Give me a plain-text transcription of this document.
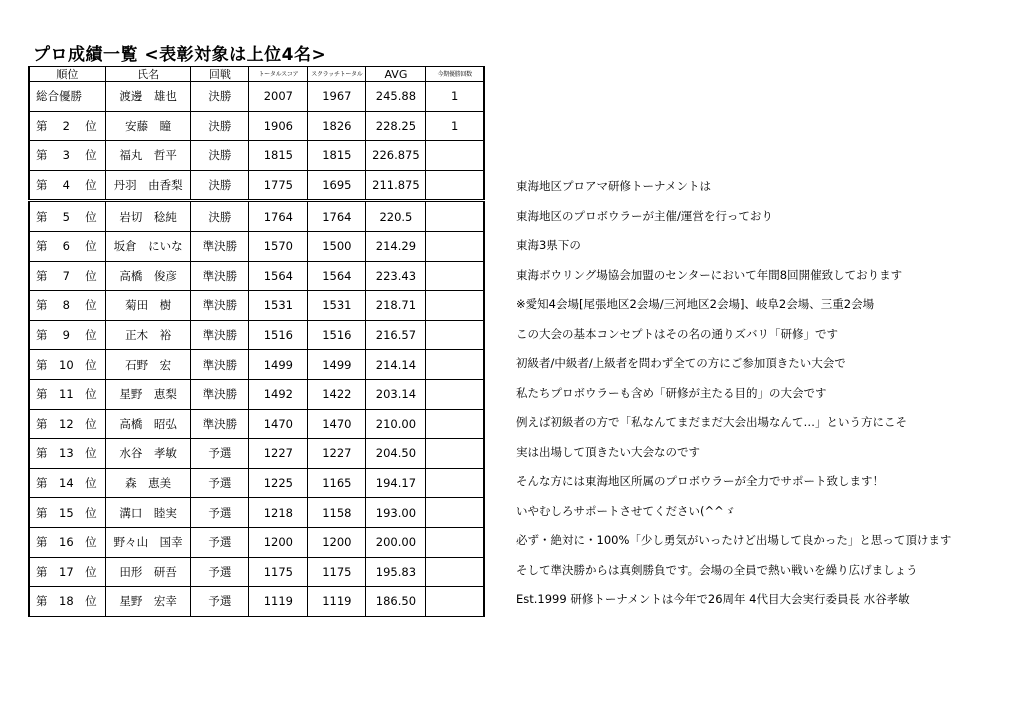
プロ成績一覧 <表彰対象は上位4名>
順位	氏名	回戦	トータルスコア	スクラッチトータル	AVG	今期優勝回数
総合優勝	渡邊　雄也	決勝	2007	1967	245.88	1
第　 2 　位	安藤　瞳	決勝	1906	1826	228.25	1
第　 3 　位	福丸　哲平	決勝	1815	1815	226.875	
第　 4 　位	丹羽　由香梨	決勝	1775	1695	211.875	
第　 5 　位	岩切　稔純	決勝	1764	1764	220.5	
第　 6 　位	坂倉　にいな	準決勝	1570	1500	214.29	
第　 7 　位	高橋　俊彦	準決勝	1564	1564	223.43	
第　 8 　位	菊田　樹	準決勝	1531	1531	218.71	
第　 9 　位	正木　裕	準決勝	1516	1516	216.57	
第　10　位	石野　宏	準決勝	1499	1499	214.14	
第　11　位	星野　恵梨	準決勝	1492	1422	203.14	
第　12　位	高橋　昭弘	準決勝	1470	1470	210.00	
第　13　位	水谷　孝敏	予選	1227	1227	204.50	
第　14　位	森　恵美	予選	1225	1165	194.17	
第　15　位	溝口　睦実	予選	1218	1158	193.00	
第　16　位	野々山　国幸	予選	1200	1200	200.00	
第　17　位	田形　研吾	予選	1175	1175	195.83	
第　18　位	星野　宏幸	予選	1119	1119	186.50	
東海地区プロアマ研修トーナメントは
東海地区のプロボウラーが主催/運営を行っており
東海3県下の
東海ボウリング場協会加盟のセンターにおいて年間8回開催致しております
※愛知4会場[尾張地区2会場/三河地区2会場]、岐阜2会場、三重2会場
この大会の基本コンセプトはその名の通りズバリ「研修」です
初級者/中級者/上級者を問わず全ての方にご参加頂きたい大会で
私たちプロボウラーも含め「研修が主たる目的」の大会です
例えば初級者の方で「私なんてまだまだ大会出場なんて…」という方にこそ
実は出場して頂きたい大会なのです
そんな方には東海地区所属のプロボウラーが全力でサポート致します！
いやむしろサポートさせてください(^^ゞ
必ず・絶対に・100%「少し勇気がいったけど出場して良かった」と思って頂けます
そして準決勝からは真剣勝負です。会場の全員で熱い戦いを繰り広げましょう
Est.1999 研修トーナメントは今年で26周年 4代目大会実行委員長 水谷孝敏
